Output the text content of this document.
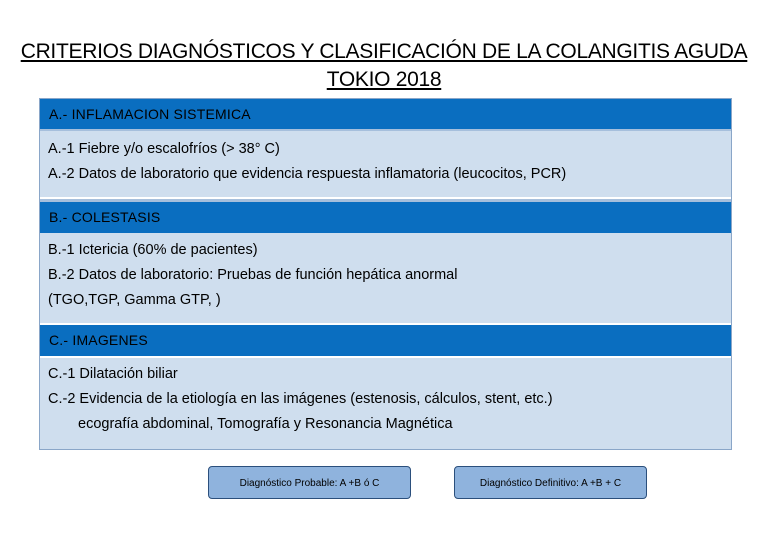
CRITERIOS DIAGNÓSTICOS Y CLASIFICACIÓN DE LA COLANGITIS AGUDA
TOKIO 2018
A.- INFLAMACION SISTEMICA
A.-1 Fiebre y/o escalofríos (> 38° C)
A.-2 Datos de laboratorio que evidencia respuesta inflamatoria (leucocitos, PCR)
B.- COLESTASIS
B.-1 Ictericia (60% de pacientes)
B.-2 Datos de laboratorio: Pruebas de función hepática anormal
(TGO,TGP, Gamma GTP, )
C.- IMAGENES
C.-1 Dilatación biliar
C.-2 Evidencia de la etiología en las imágenes (estenosis, cálculos, stent, etc.)
ecografía abdominal, Tomografía y Resonancia Magnética
Diagnóstico Probable: A +B ó C	Diagnóstico Definitivo: A +B + C
